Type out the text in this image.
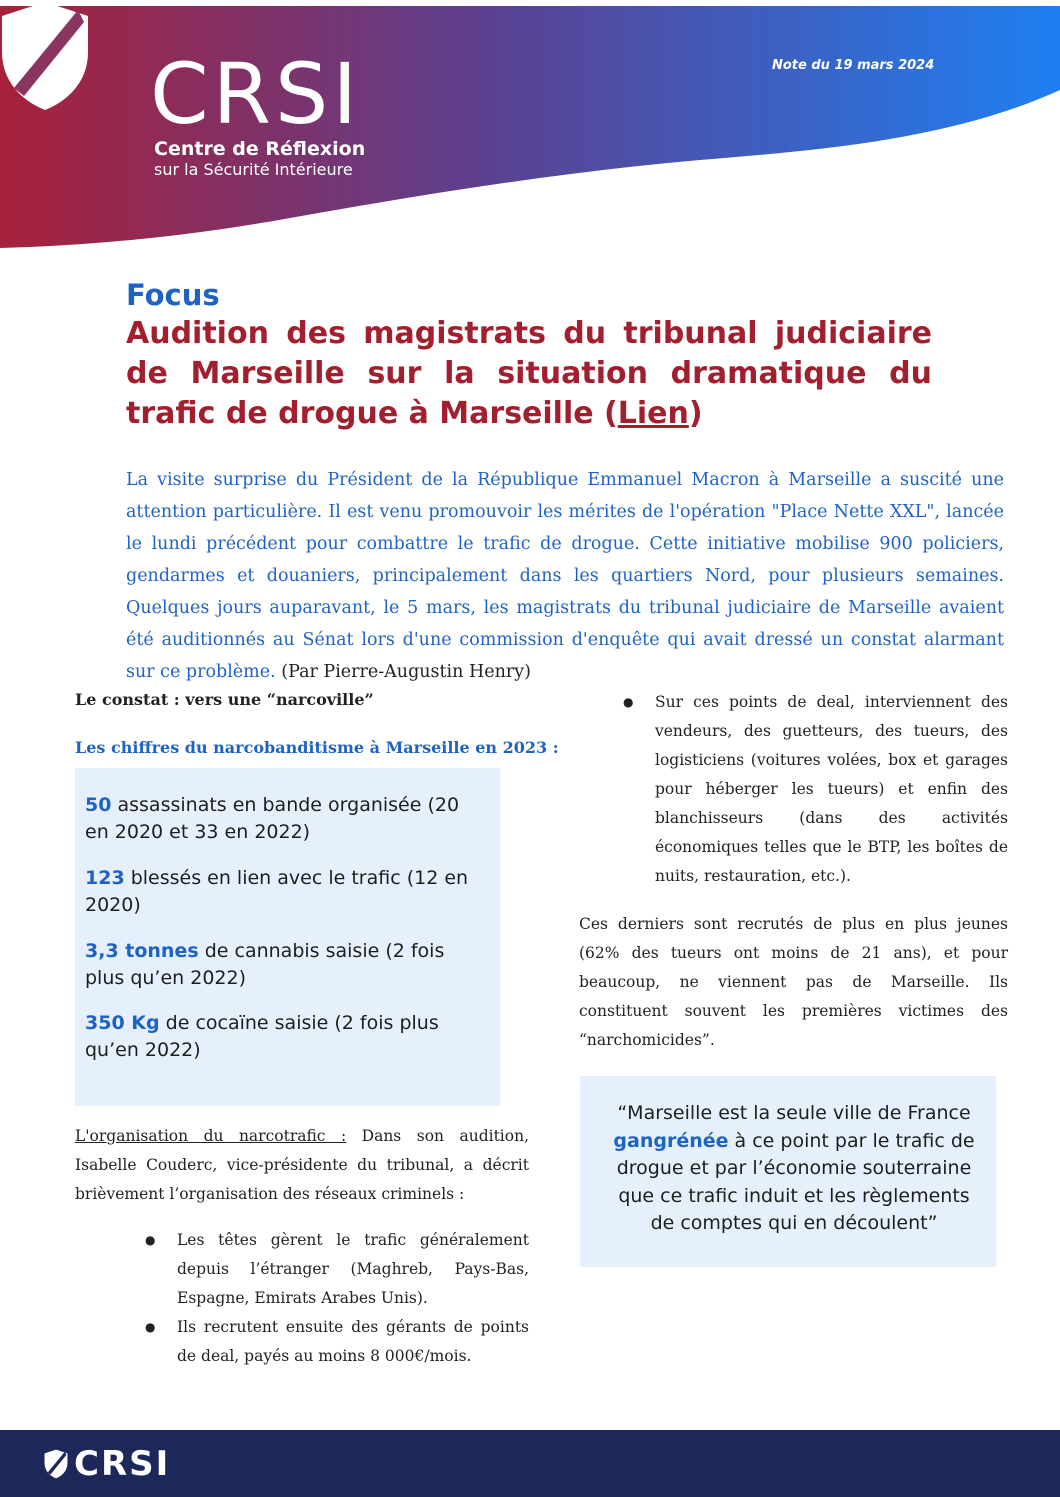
CRSI
Centre de Réflexion
sur la Sécurité Intérieure
Note du 19 mars 2024
Focus
Audition des magistrats du tribunal judiciaire de Marseille sur la situation dramatique du trafic de drogue à Marseille (Lien)
La visite surprise du Président de la République Emmanuel Macron à Marseille a suscité une attention particulière. Il est venu promouvoir les mérites de l'opération "Place Nette XXL", lancée le lundi précédent pour combattre le trafic de drogue. Cette initiative mobilise 900 policiers, gendarmes et douaniers, principalement dans les quartiers Nord, pour plusieurs semaines. Quelques jours auparavant, le 5 mars, les magistrats du tribunal judiciaire de Marseille avaient été auditionnés au Sénat lors d'une commission d'enquête qui avait dressé un constat alarmant sur ce problème. (Par Pierre-Augustin Henry)
Le constat : vers une “narcoville”
Les chiffres du narcobanditisme à Marseille en 2023 :
50 assassinats en bande organisée (20 en 2020 et 33 en 2022)
123 blessés en lien avec le trafic (12 en 2020)
3,3 tonnes de cannabis saisie (2 fois plus qu’en 2022)
350 Kg de cocaïne saisie (2 fois plus qu’en 2022)
L'organisation du narcotrafic : Dans son audition, Isabelle Couderc, vice-présidente du tribunal, a décrit brièvement l’organisation des réseaux criminels :
● Les têtes gèrent le trafic généralement depuis l’étranger (Maghreb, Pays-Bas, Espagne, Emirats Arabes Unis).
● Ils recrutent ensuite des gérants de points de deal, payés au moins 8 000€/mois.
● Sur ces points de deal, interviennent des vendeurs, des guetteurs, des tueurs, des logisticiens (voitures volées, box et garages pour héberger les tueurs) et enfin des blanchisseurs (dans des activités économiques telles que le BTP, les boîtes de nuits, restauration, etc.).
Ces derniers sont recrutés de plus en plus jeunes (62% des tueurs ont moins de 21 ans), et pour beaucoup, ne viennent pas de Marseille. Ils constituent souvent les premières victimes des “narchomicides”.
“Marseille est la seule ville de France gangrénée à ce point par le trafic de drogue et par l’économie souterraine que ce trafic induit et les règlements de comptes qui en découlent”
CRSI
